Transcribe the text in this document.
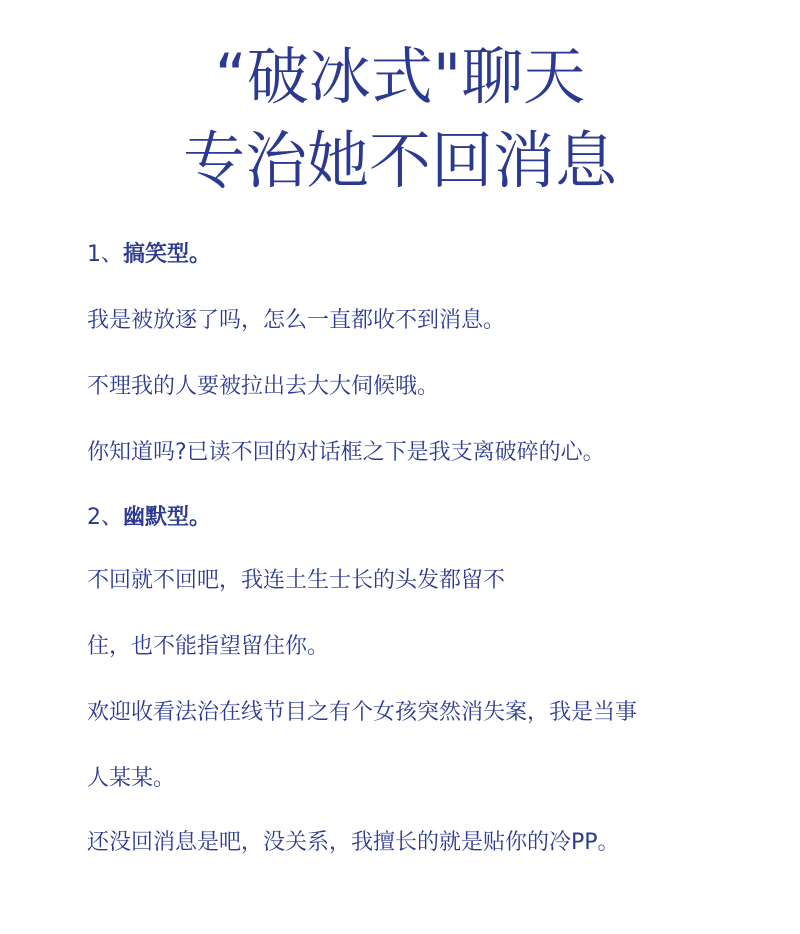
“破冰式"聊天
专治她不回消息

1、搞笑型。

我是被放逐了吗，怎么一直都收不到消息。

不理我的人要被拉出去大大伺候哦。

你知道吗?已读不回的对话框之下是我支离破碎的心。

2、幽默型。

不回就不回吧，我连土生士长的头发都留不

住，也不能指望留住你。

欢迎收看法治在线节目之有个女孩突然消失案，我是当事

人某某。

还没回消息是吧，没关系，我擅长的就是贴你的冷PP。
